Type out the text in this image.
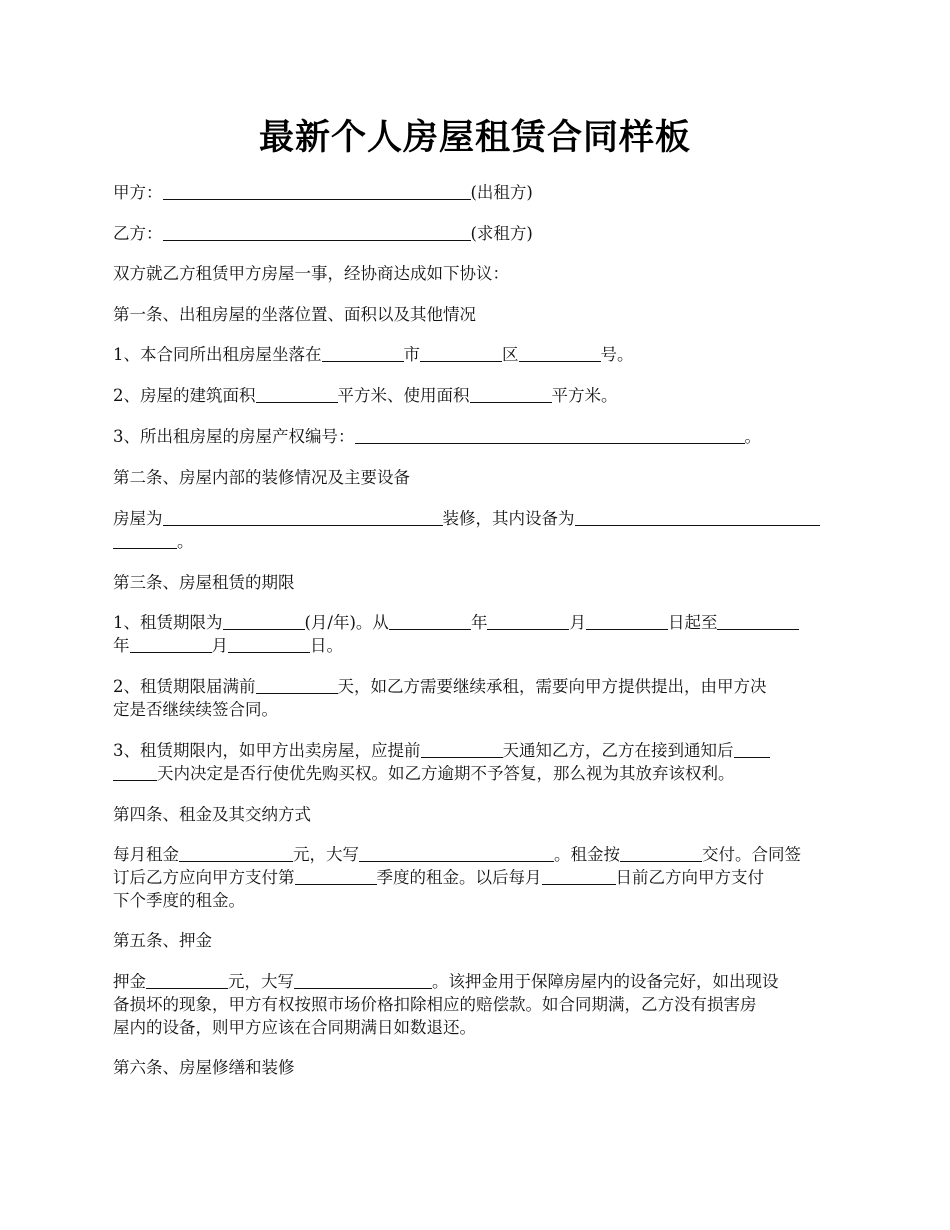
最新个人房屋租赁合同样板
甲方：	(出租方)
乙方：	(求租方)
双方就乙方租赁甲方房屋一事，经协商达成如下协议：
第一条、出租房屋的坐落位置、面积以及其他情况
1、本合同所出租房屋坐落在	市	区	号。
2、房屋的建筑面积	平方米、使用面积	平方米。
3、所出租房屋的房屋产权编号：	。
第二条、房屋内部的装修情况及主要设备
房屋为	装修，其内设备为
。
第三条、房屋租赁的期限
1、租赁期限为	(月/年)。从	年	月	日起至
年	月	日。
2、租赁期限届满前	天，如乙方需要继续承租，需要向甲方提供提出，由甲方决
定是否继续续签合同。
3、租赁期限内，如甲方出卖房屋，应提前	天通知乙方，乙方在接到通知后
天内决定是否行使优先购买权。如乙方逾期不予答复，那么视为其放弃该权利。
第四条、租金及其交纳方式
每月租金	元，大写	。租金按	交付。合同签
订后乙方应向甲方支付第	季度的租金。以后每月	日前乙方向甲方支付
下个季度的租金。
第五条、押金
押金	元，大写	。该押金用于保障房屋内的设备完好，如出现设
备损坏的现象，甲方有权按照市场价格扣除相应的赔偿款。如合同期满，乙方没有损害房
屋内的设备，则甲方应该在合同期满日如数退还。
第六条、房屋修缮和装修
